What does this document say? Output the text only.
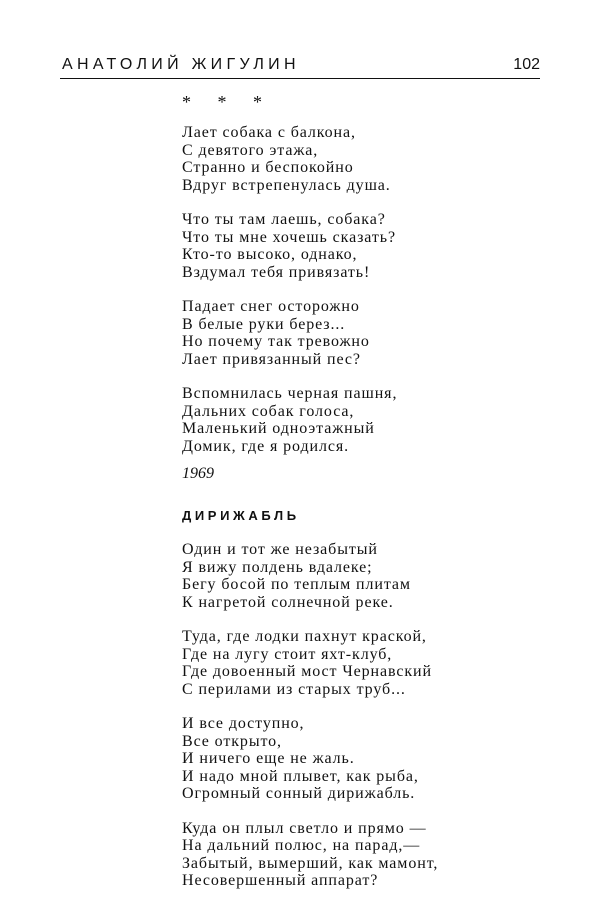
АНАТОЛИЙ ЖИГУЛИН	102
* * *

Лает собака с балкона,
С девятого этажа,
Странно и беспокойно
Вдруг встрепенулась душа.

Что ты там лаешь, собака?
Что ты мне хочешь сказать?
Кто-то высоко, однако,
Вздумал тебя привязать!

Падает снег осторожно
В белые руки берез...
Но почему так тревожно
Лает привязанный пес?

Вспомнилась черная пашня,
Дальних собак голоса,
Маленький одноэтажный
Домик, где я родился.

1969

ДИРИЖАБЛЬ

Один и тот же незабытый
Я вижу полдень вдалеке;
Бегу босой по теплым плитам
К нагретой солнечной реке.

Туда, где лодки пахнут краской,
Где на лугу стоит яхт-клуб,
Где довоенный мост Чернавский
С перилами из старых труб...

И все доступно,
Все открыто,
И ничего еще не жаль.
И надо мной плывет, как рыба,
Огромный сонный дирижабль.

Куда он плыл светло и прямо —
На дальний полюс, на парад,—
Забытый, вымерший, как мамонт,
Несовершенный аппарат?
